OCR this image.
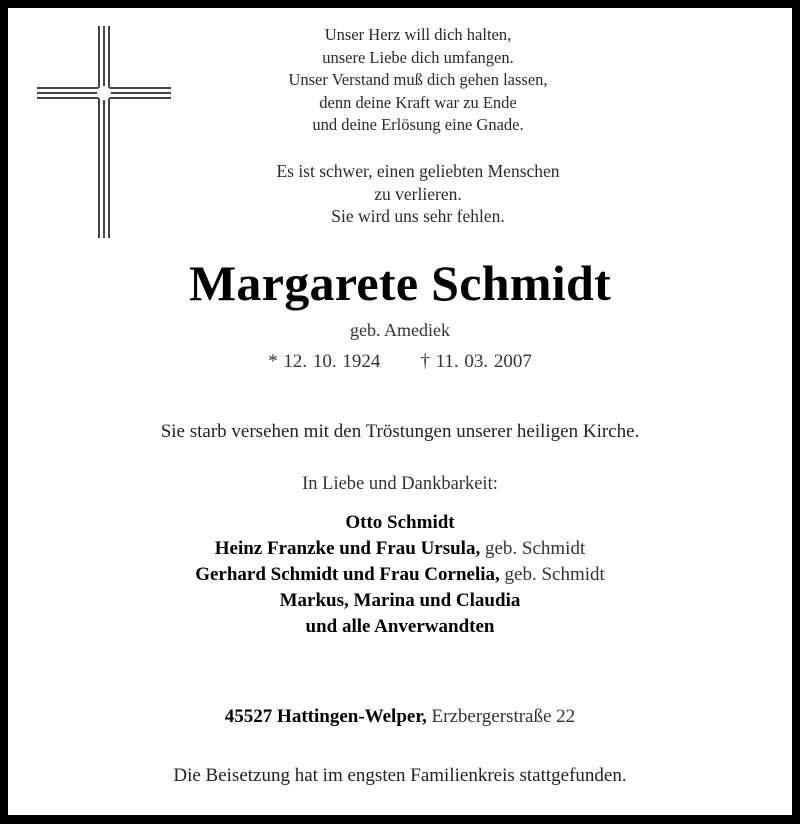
Unser Herz will dich halten,
unsere Liebe dich umfangen.
Unser Verstand muß dich gehen lassen,
denn deine Kraft war zu Ende
und deine Erlösung eine Gnade.
Es ist schwer, einen geliebten Menschen
zu verlieren.
Sie wird uns sehr fehlen.
Margarete Schmidt
geb. Amediek
* 12. 10. 1924 † 11. 03. 2007
Sie starb versehen mit den Tröstungen unserer heiligen Kirche.
In Liebe und Dankbarkeit:
Otto Schmidt
Heinz Franzke und Frau Ursula, geb. Schmidt
Gerhard Schmidt und Frau Cornelia, geb. Schmidt
Markus, Marina und Claudia
und alle Anverwandten
45527 Hattingen-Welper, Erzbergerstraße 22
Die Beisetzung hat im engsten Familienkreis stattgefunden.
